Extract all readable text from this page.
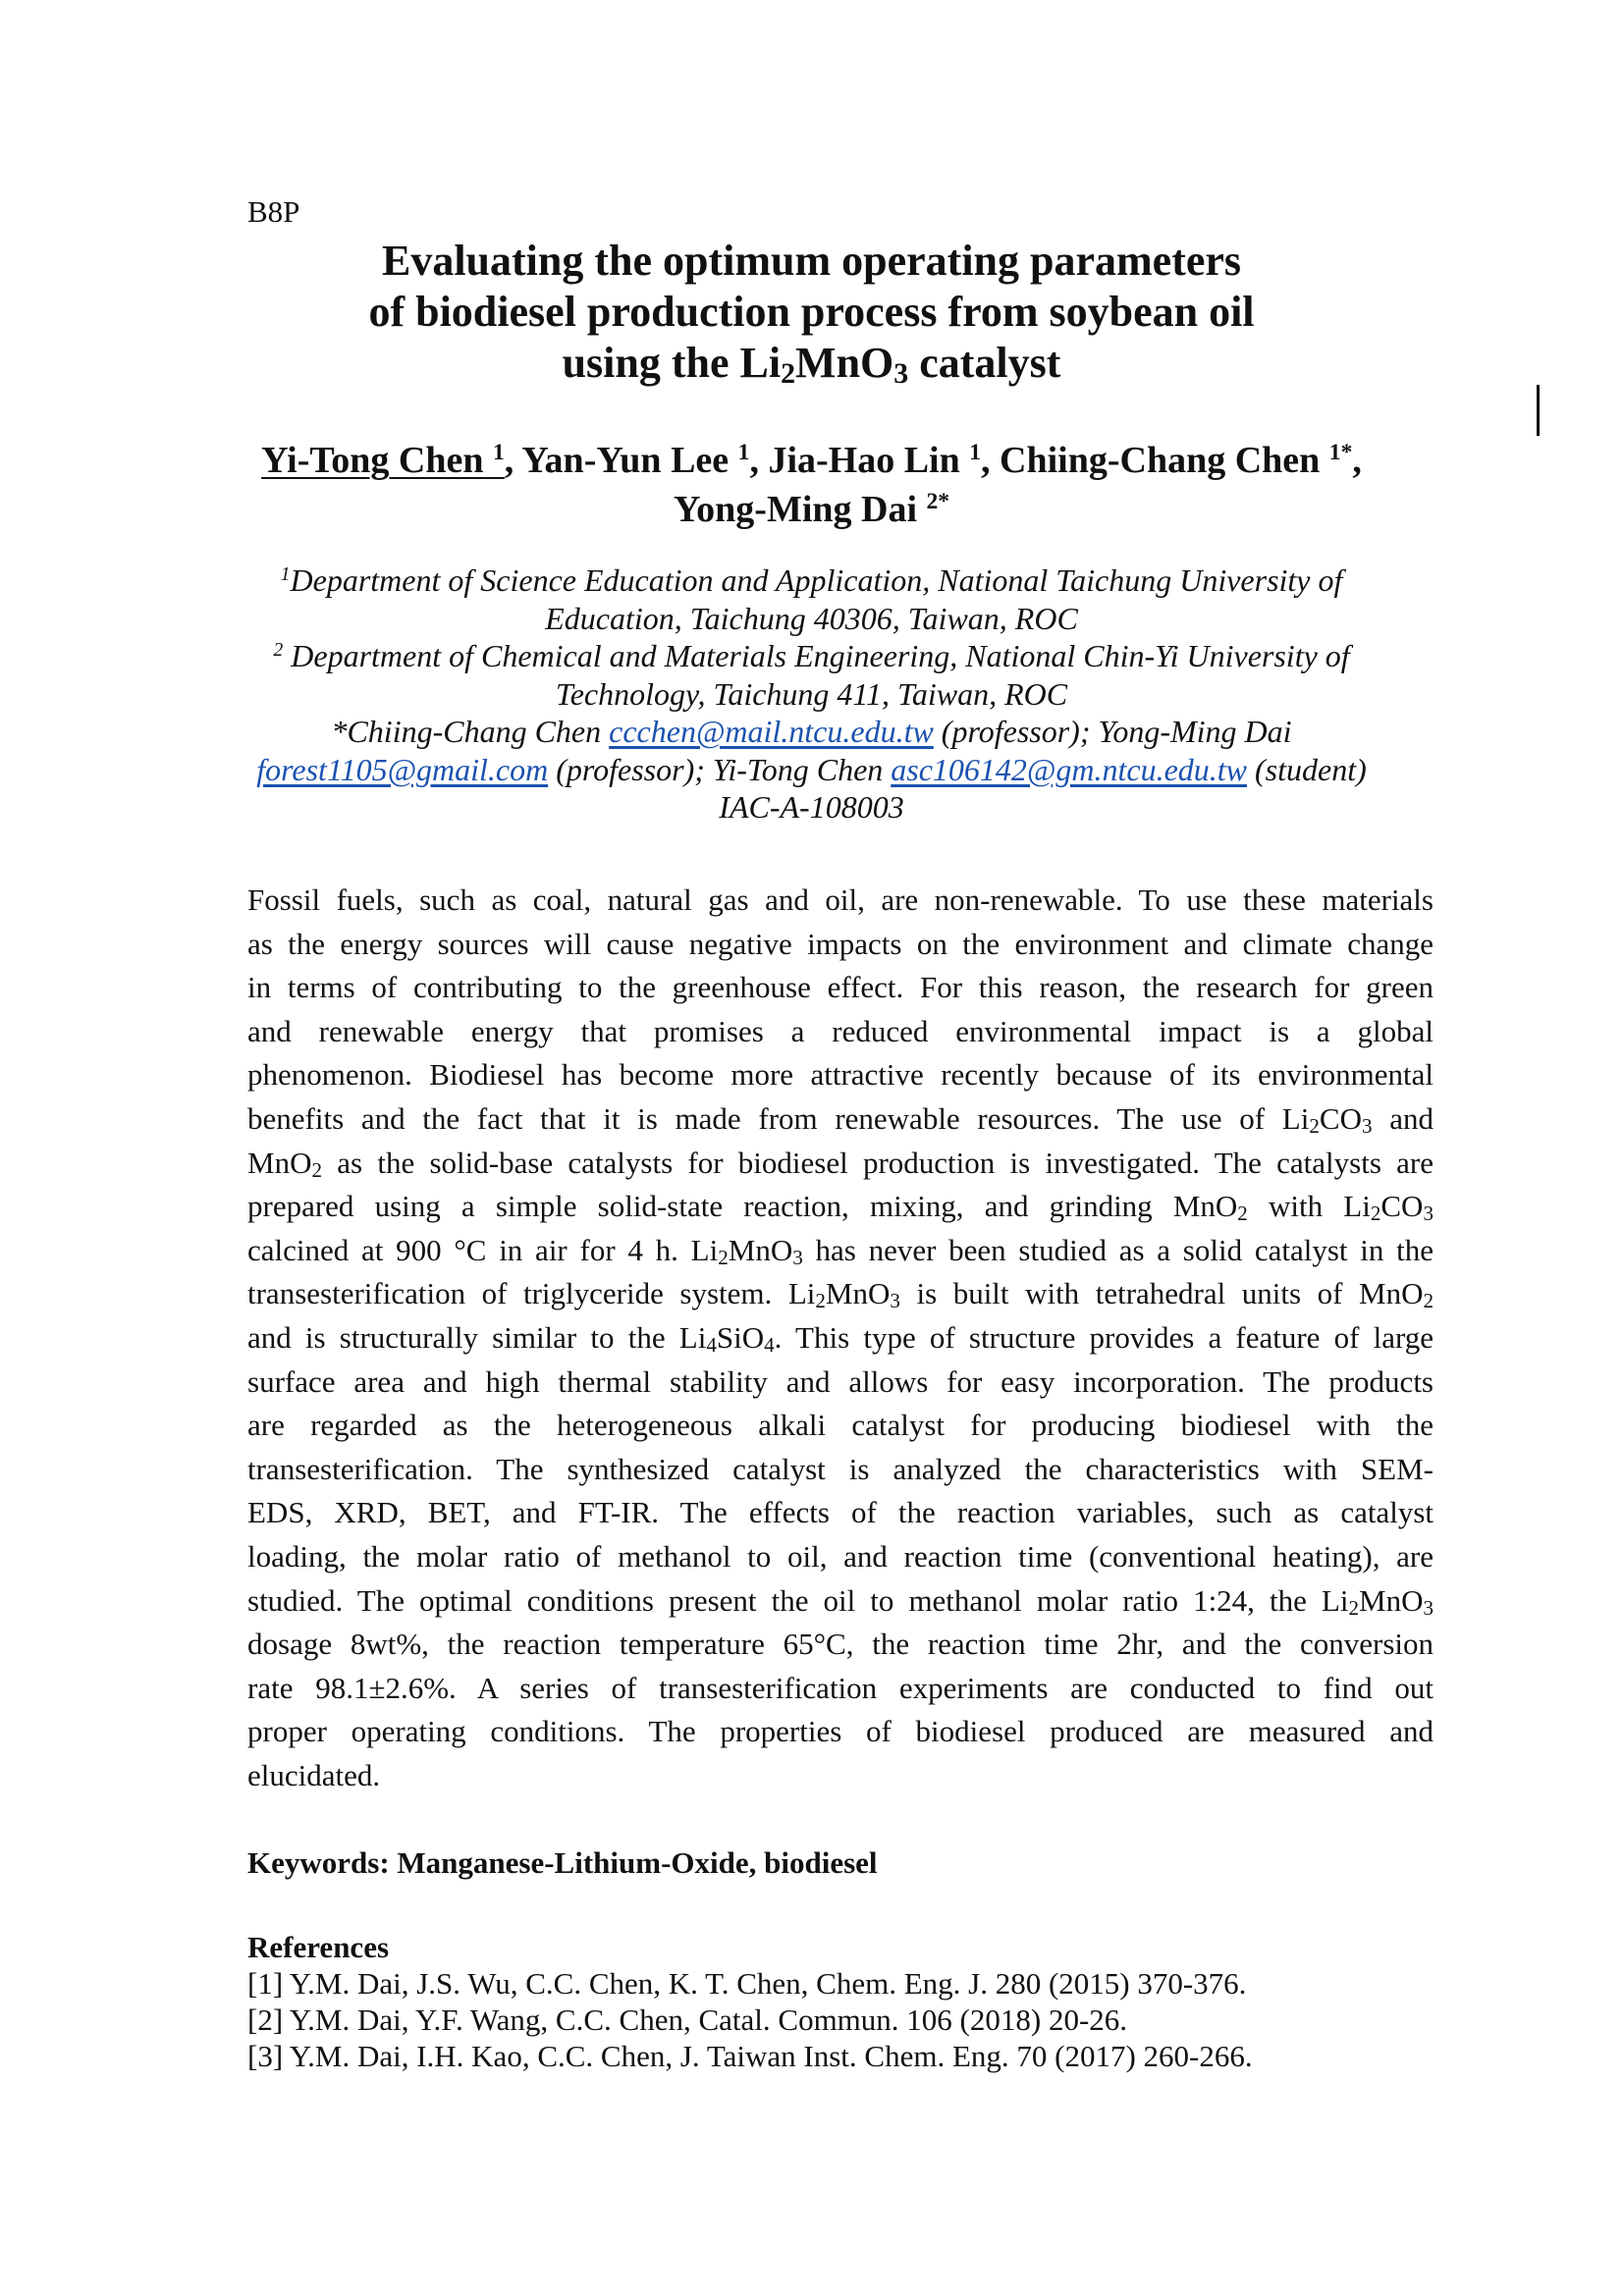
B8P
Evaluating the optimum operating parameters
of biodiesel production process from soybean oil
using the $Li_2MnO_3$ catalyst
Yi-Tong Chen $^1$, Yan-Yun Lee $^1$, Jia-Hao Lin $^1$, Chiing-Chang Chen $^{1*}$,
Yong-Ming Dai $^{2*}$
$^1$Department of Science Education and Application, National Taichung University of
Education, Taichung 40306, Taiwan, ROC
$^2$ Department of Chemical and Materials Engineering, National Chin-Yi University of
Technology, Taichung 411, Taiwan, ROC
*Chiing-Chang Chen ccchen@mail.ntcu.edu.tw (professor); Yong-Ming Dai
forest1105@gmail.com (professor); Yi-Tong Chen asc106142@gm.ntcu.edu.tw (student)
IAC-A-108003
Fossil fuels, such as coal, natural gas and oil, are non-renewable. To use these materials
as the energy sources will cause negative impacts on the environment and climate change
in terms of contributing to the greenhouse effect. For this reason, the research for green
and renewable energy that promises a reduced environmental impact is a global
phenomenon. Biodiesel has become more attractive recently because of its environmental
benefits and the fact that it is made from renewable resources. The use of $Li_2CO_3$ and
MnO$_2$ as the solid-base catalysts for biodiesel production is investigated. The catalysts are
prepared using a simple solid-state reaction, mixing, and grinding MnO$_2$ with $Li_2CO_3$
calcined at 900 °C in air for 4 h. $Li_2MnO_3$ has never been studied as a solid catalyst in the
transesterification of triglyceride system. $Li_2MnO_3$ is built with tetrahedral units of MnO$_2$
and is structurally similar to the $Li_4SiO_4$. This type of structure provides a feature of large
surface area and high thermal stability and allows for easy incorporation. The products
are regarded as the heterogeneous alkali catalyst for producing biodiesel with the
transesterification. The synthesized catalyst is analyzed the characteristics with SEM-
EDS, XRD, BET, and FT-IR. The effects of the reaction variables, such as catalyst
loading, the molar ratio of methanol to oil, and reaction time (conventional heating), are
studied. The optimal conditions present the oil to methanol molar ratio 1:24, the $Li_2MnO_3$
dosage 8wt%, the reaction temperature 65°C, the reaction time 2hr, and the conversion
rate 98.1±2.6%. A series of transesterification experiments are conducted to find out
proper operating conditions. The properties of biodiesel produced are measured and
elucidated.
Keywords: Manganese-Lithium-Oxide, biodiesel
References
[1] Y.M. Dai, J.S. Wu, C.C. Chen, K. T. Chen, Chem. Eng. J. 280 (2015) 370-376.
[2] Y.M. Dai, Y.F. Wang, C.C. Chen, Catal. Commun. 106 (2018) 20-26.
[3] Y.M. Dai, I.H. Kao, C.C. Chen, J. Taiwan Inst. Chem. Eng. 70 (2017) 260-266.
